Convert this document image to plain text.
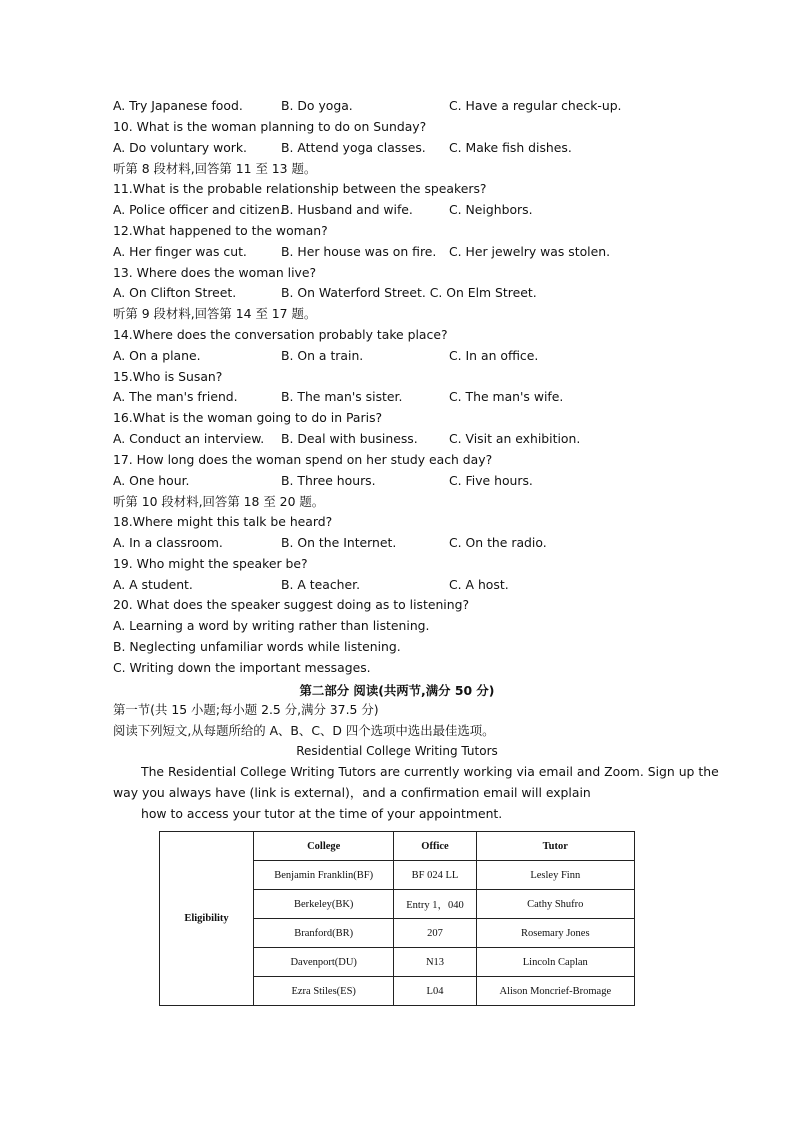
A. Try Japanese food.	B. Do yoga.	C. Have a regular check-up.
10. What is the woman planning to do on Sunday?
A. Do voluntary work.	B. Attend yoga classes. C. Make fish dishes.
听第 8 段材料,回答第 11 至 13 题。
11.What is the probable relationship between the speakers?
A. Police officer and citizen.
B. Husband and wife.	C. Neighbors.
12.What happened to the woman?
A. Her finger was cut.	B. Her house was on fire. C. Her jewelry was stolen.
13. Where does the woman live?
A. On Clifton Street.	B. On Waterford Street. C. On Elm Street.
听第 9 段材料,回答第 14 至 17 题。
14.Where does the conversation probably take place?
A. On a plane.	B. On a train.	C. In an office.
15.Who is Susan?
A. The man's friend.	B. The man's sister.	C. The man's wife.
16.What is the woman going to do in Paris?
A. Conduct an interview. B. Deal with business.	C. Visit an exhibition.
17. How long does the woman spend on her study each day?
A. One hour.	B. Three hours.	C. Five hours.
听第 10 段材料,回答第 18 至 20 题。
18.Where might this talk be heard?
A. In a classroom.	B. On the Internet.	C. On the radio.
19. Who might the speaker be?
A. A student.	B. A teacher.	C. A host.
20. What does the speaker suggest doing as to listening?
A. Learning a word by writing rather than listening.
B. Neglecting unfamiliar words while listening.
C. Writing down the important messages.
第二部分 阅读(共两节,满分 50 分)
第一节(共 15 小题;每小题 2.5 分,满分 37.5 分)
阅读下列短文,从每题所给的 A、B、C、D 四个选项中选出最佳选项。
Residential College Writing Tutors
The Residential College Writing Tutors are currently working via email and Zoom. Sign up the
way you always have (link is external)，and a confirmation email will explain
how to access your tutor at the time of your appointment.
Eligibility	College	Office	Tutor
	Benjamin Franklin(BF)	BF 024 LL	Lesley Finn
	Berkeley(BK)	Entry 1，040	Cathy Shufro
	Branford(BR)	207	Rosemary Jones
	Davenport(DU)	N13	Lincoln Caplan
	Ezra Stiles(ES)	L04	Alison Moncrief-Bromage
